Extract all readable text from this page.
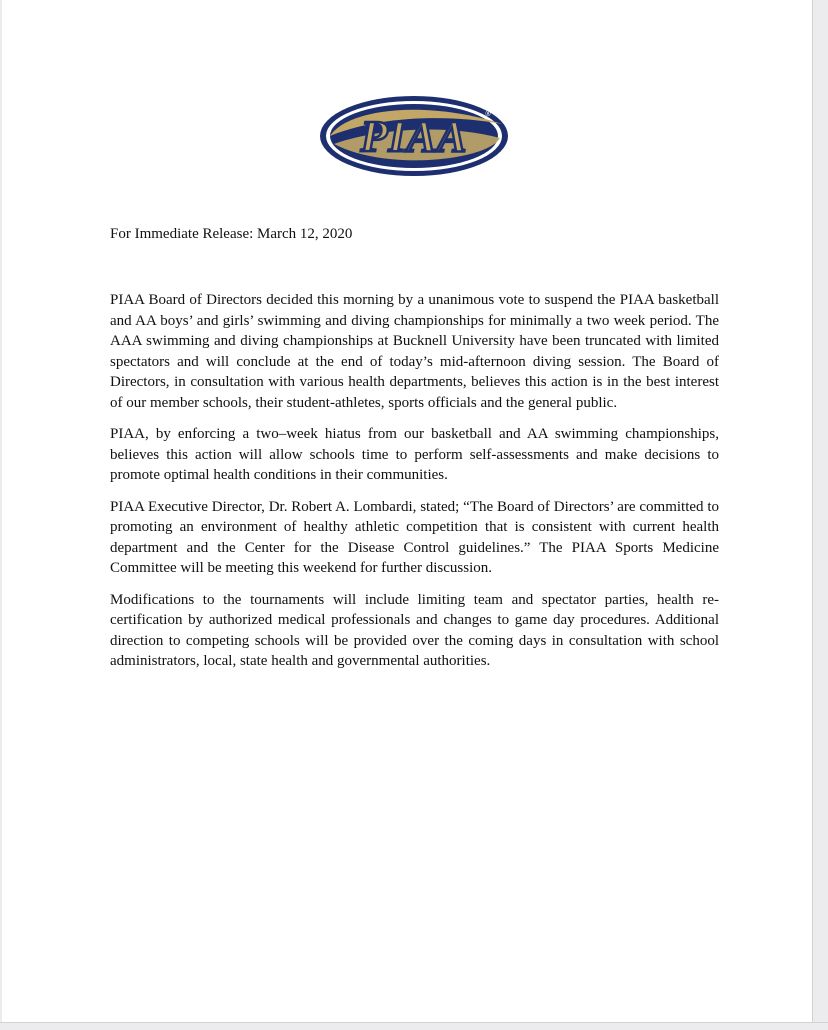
PIAA ®
For Immediate Release: March 12, 2020

PIAA Board of Directors decided this morning by a unanimous vote to suspend the PIAA basketball and AA boys’ and girls’ swimming and diving championships for minimally a two week period. The AAA swimming and diving championships at Bucknell University have been truncated with limited spectators and will conclude at the end of today’s mid-afternoon diving session. The Board of Directors, in consultation with various health departments, believes this action is in the best interest of our member schools, their student-athletes, sports officials and the general public.

PIAA, by enforcing a two–week hiatus from our basketball and AA swimming championships, believes this action will allow schools time to perform self-assessments and make decisions to promote optimal health conditions in their communities.

PIAA Executive Director, Dr. Robert A. Lombardi, stated; “The Board of Directors’ are committed to promoting an environment of healthy athletic competition that is consistent with current health department and the Center for the Disease Control guidelines.” The PIAA Sports Medicine Committee will be meeting this weekend for further discussion.

Modifications to the tournaments will include limiting team and spectator parties, health re-certification by authorized medical professionals and changes to game day procedures. Additional direction to competing schools will be provided over the coming days in consultation with school administrators, local, state health and governmental authorities.
